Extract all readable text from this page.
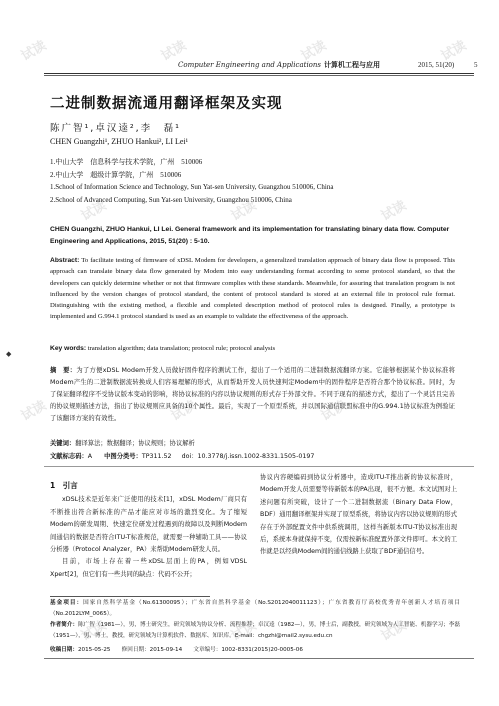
Computer Engineering and Applications 计算机工程与应用	2015, 51(20)	5
二进制数据流通用翻译框架及实现
陈广智¹,卓汉逵²,李　磊¹
CHEN Guangzhi¹, ZHUO Hankui², LI Lei¹
1.中山大学　信息科学与技术学院，广州　510006
2.中山大学　超级计算学院，广州　510006
1.School of Information Science and Technology, Sun Yat-sen University, Guangzhou 510006, China
2.School of Advanced Computing, Sun Yat-sen University, Guangzhou 510006, China
CHEN Guangzhi, ZHUO Hankui, LI Lei. General framework and its implementation for translating binary data flow. Computer Engineering and Applications, 2015, 51(20) : 5-10.
Abstract: To facilitate testing of firmware of xDSL Modem for developers, a generalized translation approach of binary data flow is proposed. This approach can translate binary data flow generated by Modem into easy understanding format according to some protocol standard, so that the developers can quickly determine whether or not that firmware complies with these standards. Meanwhile, for assuring that translation program is not influenced by the version changes of protocol standard, the content of protocol standard is stored at an external file in protocol rule format. Distinguishing with the existing method, a flexible and completed description method of protocol rules is designed. Finally, a prototype is implemented and G.994.1 protocol standard is used as an example to validate the effectiveness of the approach.
Key words: translation algorithm; data translation; protocol rule; protocol analysis
摘　要：为了方便xDSL Modem开发人员做好固件程序的测试工作，提出了一个适用的二进制数据流翻译方案。它能够根据某个协议标准将Modem产生的二进制数据流转换成人们容易理解的形式，从而帮助开发人员快速判定Modem中的固件程序是否符合那个协议标准。同时，为了保证翻译程序不受协议版本变动的影响，将协议标准的内容以协议规则的形式存于外部文件。不同于现有的描述方式，提出了一个灵活且完善的协议规则描述方法，指出了协议规则应具备的10个属性。最后，实现了一个原型系统，并以国际通信联盟标准中的G.994.1协议标准为例验证了该翻译方案的有效性。
关键词：翻译算法；数据翻译；协议规则；协议解析
文献标志码：A 中图分类号：TP311.52 doi：10.3778/j.issn.1002-8331.1505-0197
1　引言

xDSL技术是近年来广泛使用的技术[1]，xDSL Modem厂商只有不断推出符合新标准的产品才能应对市场的激烈变化。为了缩短Modem的研发周期、快速定位研发过程遇到的故障以及判断Modem间通信的数据是否符合ITU-T标准规范，就需要一种辅助工具——协议分析器（Protocol Analyzer，PA）来帮助Modem研发人员。

目前，市场上存在着一些xDSL层面上的PA，例如VDSL Xpert[2]，但它们有一些共同的缺点：代码不公开；

协议内容硬编码到协议分析器中，造成ITU-T推出新的协议标准时，Modem开发人员需要等待新版本的PA出现，很不方便。本文试图对上述问题有所突破，设计了一个二进制数据流（Binary Data Flow，BDF）通用翻译框架并实现了原型系统，将协议内容以协议规则的形式存在于外部配置文件中供系统调用，这样当新版本ITU-T协议标准出现后，系统本身就保持不变，仅需按新标准配置外部文件即可。本文的工作就是以经典Modem间的通信线路上获取了BDF通信信号。

基金项目：国家自然科学基金（No.61300095）；广东省自然科学基金（No.S2012040011123）；广东省教育厅高校优秀青年创新人才培育项目（No.2012LYM_0065）。
作者简介：陈广智（1981—），男，博士研究生，研究领域为协议分析、流程推荐；卓汉逵（1982—），男，博士后，副教授，研究领域为人工智能、机器学习；李磊（1951—），男，博士，教授，研究领域为计算机软件、数据库、知识库。E-mail：chgzhi@mail2.sysu.edu.cn
收稿日期：2015-05-25　　修回日期：2015-09-14　　文章编号：1002-8331(2015)20-0005-06
◆
试读	试读	试读	试读
试读	试读	试读
试读	试读	试读
试读	试读	试读
